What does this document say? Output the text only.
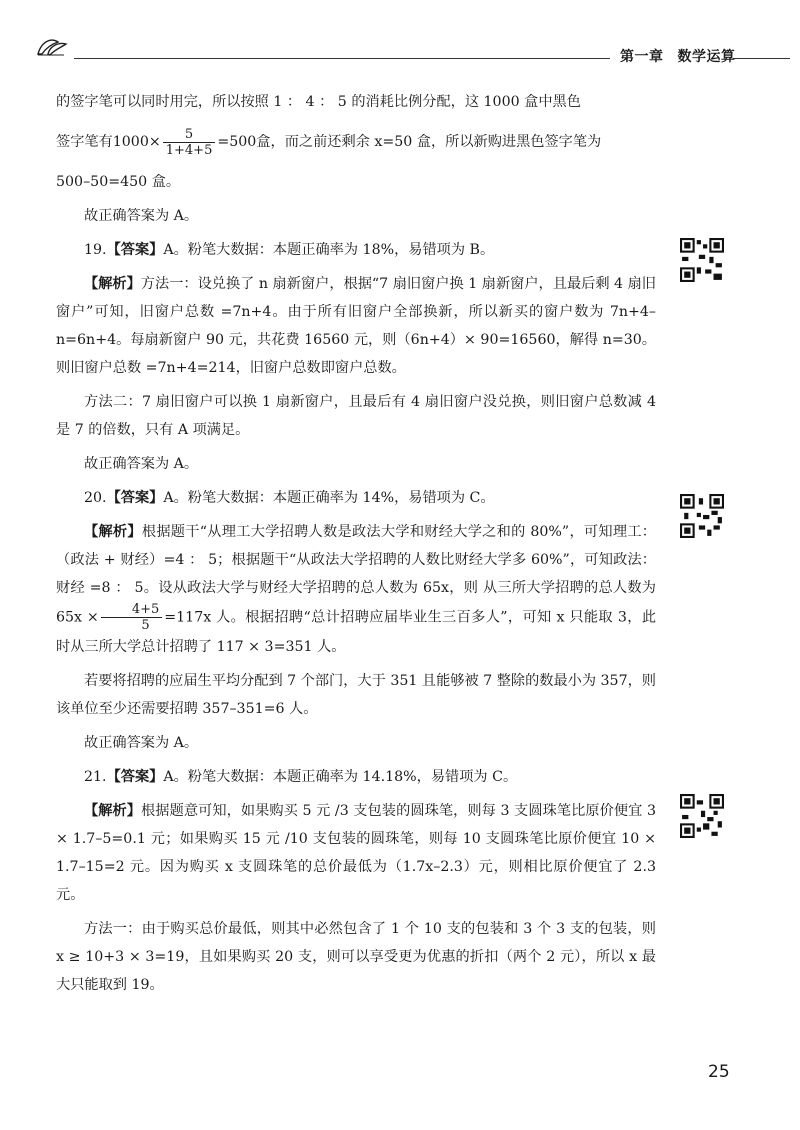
第一章 数学运算

的签字笔可以同时用完，所以按照 1 ： 4 ： 5 的消耗比例分配，这 1000 盒中黑色

签字笔有$1000\times \frac{5}{1+4+5} =500$盒，而之前还剩余 x=50 盒，所以新购进黑色签字笔为

500–50=450 盒。

故正确答案为 A。

19.【答案】A。粉笔大数据：本题正确率为 18%，易错项为 B。

【解析】方法一：设兑换了 n 扇新窗户，根据“7 扇旧窗户换 1 扇新窗户，且最后剩 4 扇旧窗户”可知，旧窗户总数 =7n+4。由于所有旧窗户全部换新，所以新买的窗户数为 7n+4–n=6n+4。每扇新窗户 90 元，共花费 16560 元，则（6n+4）× 90=16560，解得 n=30。则旧窗户总数 =7n+4=214，旧窗户总数即窗户总数。

方法二：7 扇旧窗户可以换 1 扇新窗户，且最后有 4 扇旧窗户没兑换，则旧窗户总数减 4 是 7 的倍数，只有 A 项满足。

故正确答案为 A。

20.【答案】A。粉笔大数据：本题正确率为 14%，易错项为 C。

【解析】根据题干“从理工大学招聘人数是政法大学和财经大学之和的 80%”，可知理工：（政法 + 财经）=4 ： 5；根据题干“从政法大学招聘的人数比财经大学多 60%”，可知政法：财经 =8 ： 5。设从政法大学与财经大学招聘的总人数为 65x，则 从三所大学招聘的总人数为 $65x \times \frac{4+5}{5} =117x$ 人。根据招聘“总计招聘应届毕业生三百多人”，可知 x 只能取 3，此时从三所大学总计招聘了 117 × 3=351 人。

若要将招聘的应届生平均分配到 7 个部门，大于 351 且能够被 7 整除的数最小为 357，则该单位至少还需要招聘 357–351=6 人。

故正确答案为 A。

21.【答案】A。粉笔大数据：本题正确率为 14.18%，易错项为 C。

【解析】根据题意可知，如果购买 5 元 /3 支包装的圆珠笔，则每 3 支圆珠笔比原价便宜 3 × 1.7–5=0.1 元；如果购买 15 元 /10 支包装的圆珠笔，则每 10 支圆珠笔比原价便宜 10 × 1.7–15=2 元。因为购买 x 支圆珠笔的总价最低为（1.7x–2.3）元，则相比原价便宜了 2.3 元。

方法一：由于购买总价最低，则其中必然包含了 1 个 10 支的包装和 3 个 3 支的包装，则 x ≥ 10+3 × 3=19，且如果购买 20 支，则可以享受更为优惠的折扣（两个 2 元），所以 x 最大只能取到 19。

25
